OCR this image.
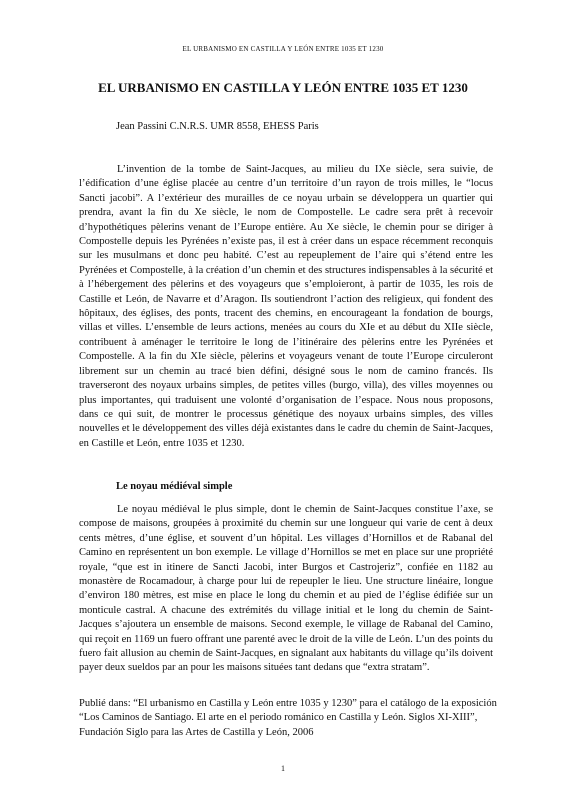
EL URBANISMO EN CASTILLA Y LEÓN ENTRE 1035 ET 1230
EL URBANISMO EN CASTILLA Y LEÓN ENTRE 1035 ET 1230
Jean Passini C.N.R.S. UMR 8558, EHESS Paris

L’invention de la tombe de Saint-Jacques, au milieu du IXe siècle, sera suivie, de l’édification d’une église placée au centre d’un territoire d’un rayon de trois milles, le “locus Sancti jacobi”. A l’extérieur des murailles de ce noyau urbain se développera un quartier qui prendra, avant la fin du Xe siècle, le nom de Compostelle. Le cadre sera prêt à recevoir d’hypothétiques pèlerins venant de l’Europe entière. Au Xe siècle, le chemin pour se diriger à Compostelle depuis les Pyrénées n’existe pas, il est à créer dans un espace récemment reconquis sur les musulmans et donc peu habité. C’est au repeuplement de l’aire qui s’étend entre les Pyrénées et Compostelle, à la création d’un chemin et des structures indispensables à la sécurité et à l’hébergement des pèlerins et des voyageurs que s’emploieront, à partir de 1035, les rois de Castille et León, de Navarre et d’Aragon. Ils soutiendront l’action des religieux, qui fondent des hôpitaux, des églises, des ponts, tracent des chemins, en encourageant la fondation de bourgs, villas et villes. L’ensemble de leurs actions, menées au cours du XIe et au début du XIIe siècle, contribuent à aménager le territoire le long de l’itinéraire des pèlerins entre les Pyrénées et Compostelle. A la fin du XIe siècle, pèlerins et voyageurs venant de toute l’Europe circuleront librement sur un chemin au tracé bien défini, désigné sous le nom de camino francés. Ils traverseront des noyaux urbains simples, de petites villes (burgo, villa), des villes moyennes ou plus importantes, qui traduisent une volonté d’organisation de l’espace. Nous nous proposons, dans ce qui suit, de montrer le processus génétique des noyaux urbains simples, des villes nouvelles et le développement des villes déjà existantes dans le cadre du chemin de Saint-Jacques, en Castille et León, entre 1035 et 1230.

Le noyau médiéval simple

Le noyau médiéval le plus simple, dont le chemin de Saint-Jacques constitue l’axe, se compose de maisons, groupées à proximité du chemin sur une longueur qui varie de cent à deux cents mètres, d’une église, et souvent d’un hôpital. Les villages d’Hornillos et de Rabanal del Camino en représentent un bon exemple. Le village d’Hornillos se met en place sur une propriété royale, “que est in itinere de Sancti Jacobi, inter Burgos et Castrojeriz”, confiée en 1182 au monastère de Rocamadour, à charge pour lui de repeupler le lieu. Une structure linéaire, longue d’environ 180 mètres, est mise en place le long du chemin et au pied de l’église édifiée sur un monticule castral. A chacune des extrémités du village initial et le long du chemin de Saint-Jacques s’ajoutera un ensemble de maisons. Second exemple, le village de Rabanal del Camino, qui reçoit en 1169 un fuero offrant une parenté avec le droit de la ville de León. L’un des points du fuero fait allusion au chemin de Saint-Jacques, en signalant aux habitants du village qu’ils doivent payer deux sueldos par an pour les maisons situées tant dedans que “extra stratam”.

Publié dans: “El urbanismo en Castilla y León entre 1035 y 1230” para el catálogo de la exposición “Los Caminos de Santiago. El arte en el periodo románico en Castilla y León. Siglos XI-XIII”, Fundación Siglo para las Artes de Castilla y León, 2006
1
